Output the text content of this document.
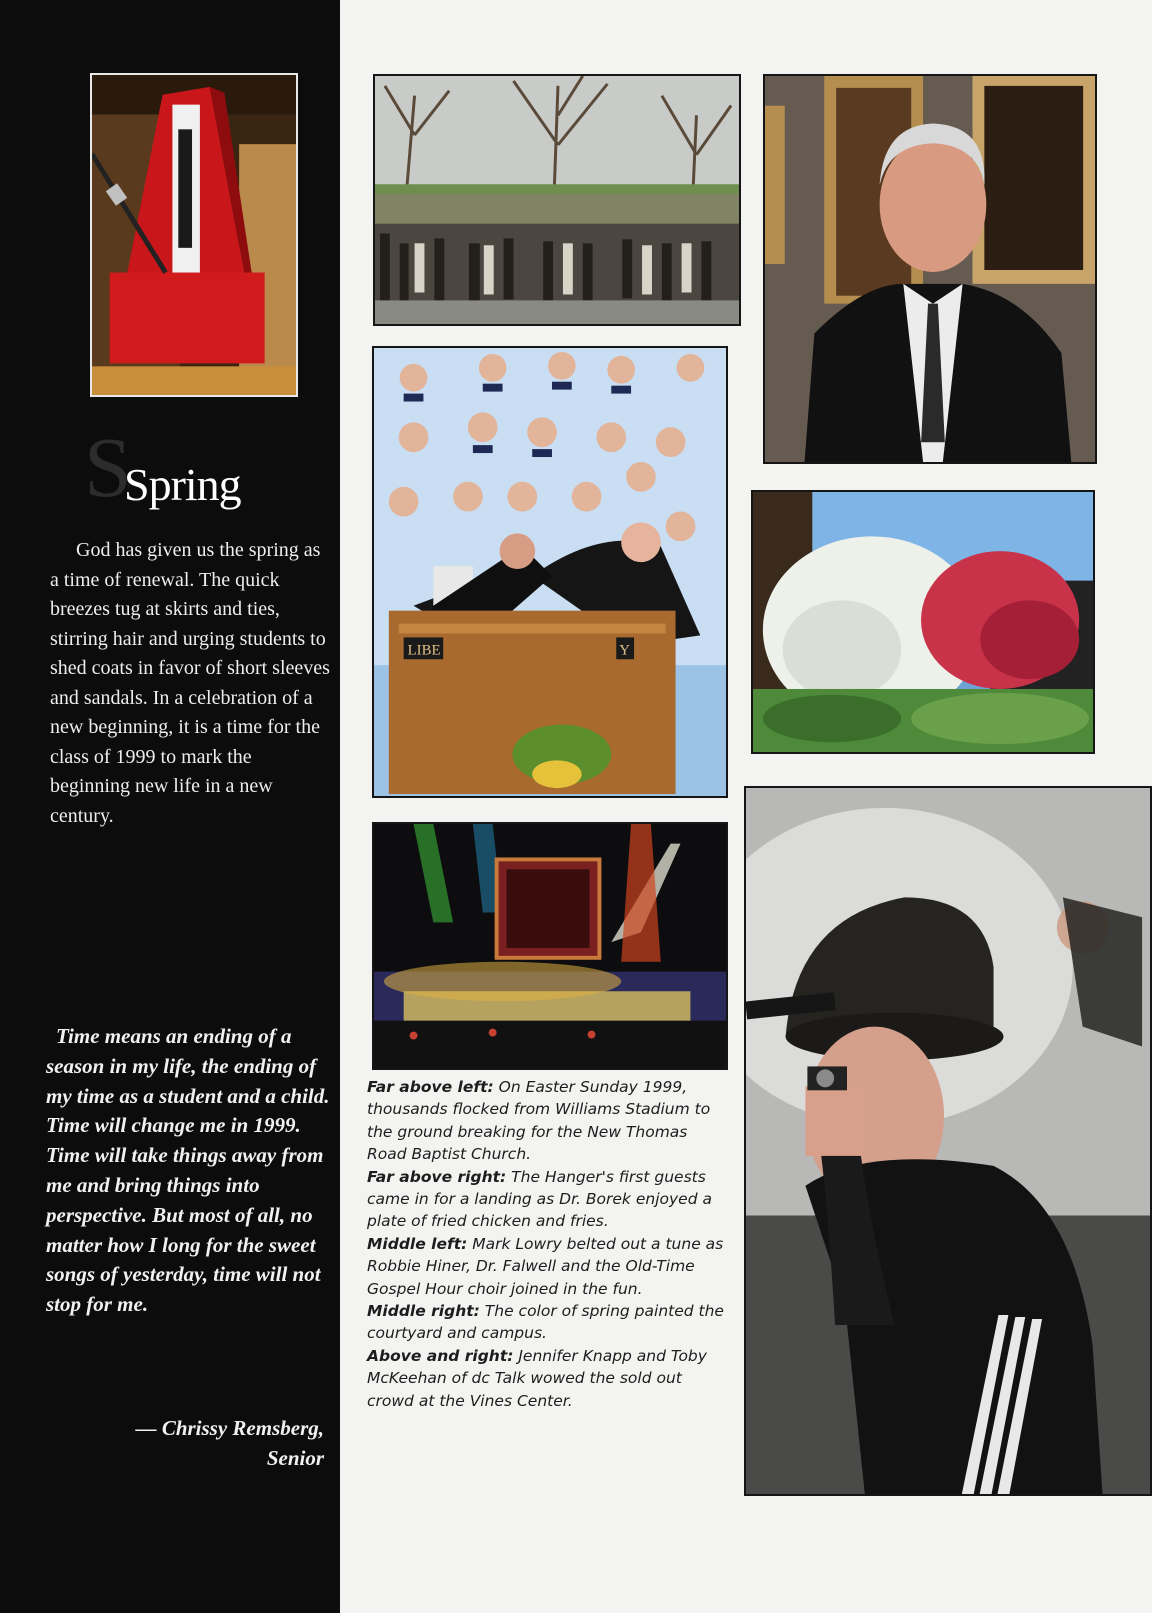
S
Spring

God has given us the spring as a time of renewal. The quick breezes tug at skirts and ties, stirring hair and urging students to shed coats in favor of short sleeves and sandals. In a celebration of a new beginning, it is a time for the class of 1999 to mark the beginning new life in a new century.

Time means an ending of a season in my life, the ending of my time as a student and a child. Time will change me in 1999. Time will take things away from me and bring things into perspective. But most of all, no matter how I long for the sweet songs of yesterday, time will not stop for me.

— Chrissy Remsberg,
Senior

LIBE	Y

Far above left: On Easter Sunday 1999, thousands flocked from Williams Stadium to the ground breaking for the New Thomas Road Baptist Church.

Far above right: The Hanger's first guests came in for a landing as Dr. Borek enjoyed a plate of fried chicken and fries.

Middle left: Mark Lowry belted out a tune as Robbie Hiner, Dr. Falwell and the Old-Time Gospel Hour choir joined in the fun.

Middle right: The color of spring painted the courtyard and campus.

Above and right: Jennifer Knapp and Toby McKeehan of dc Talk wowed the sold out crowd at the Vines Center.
